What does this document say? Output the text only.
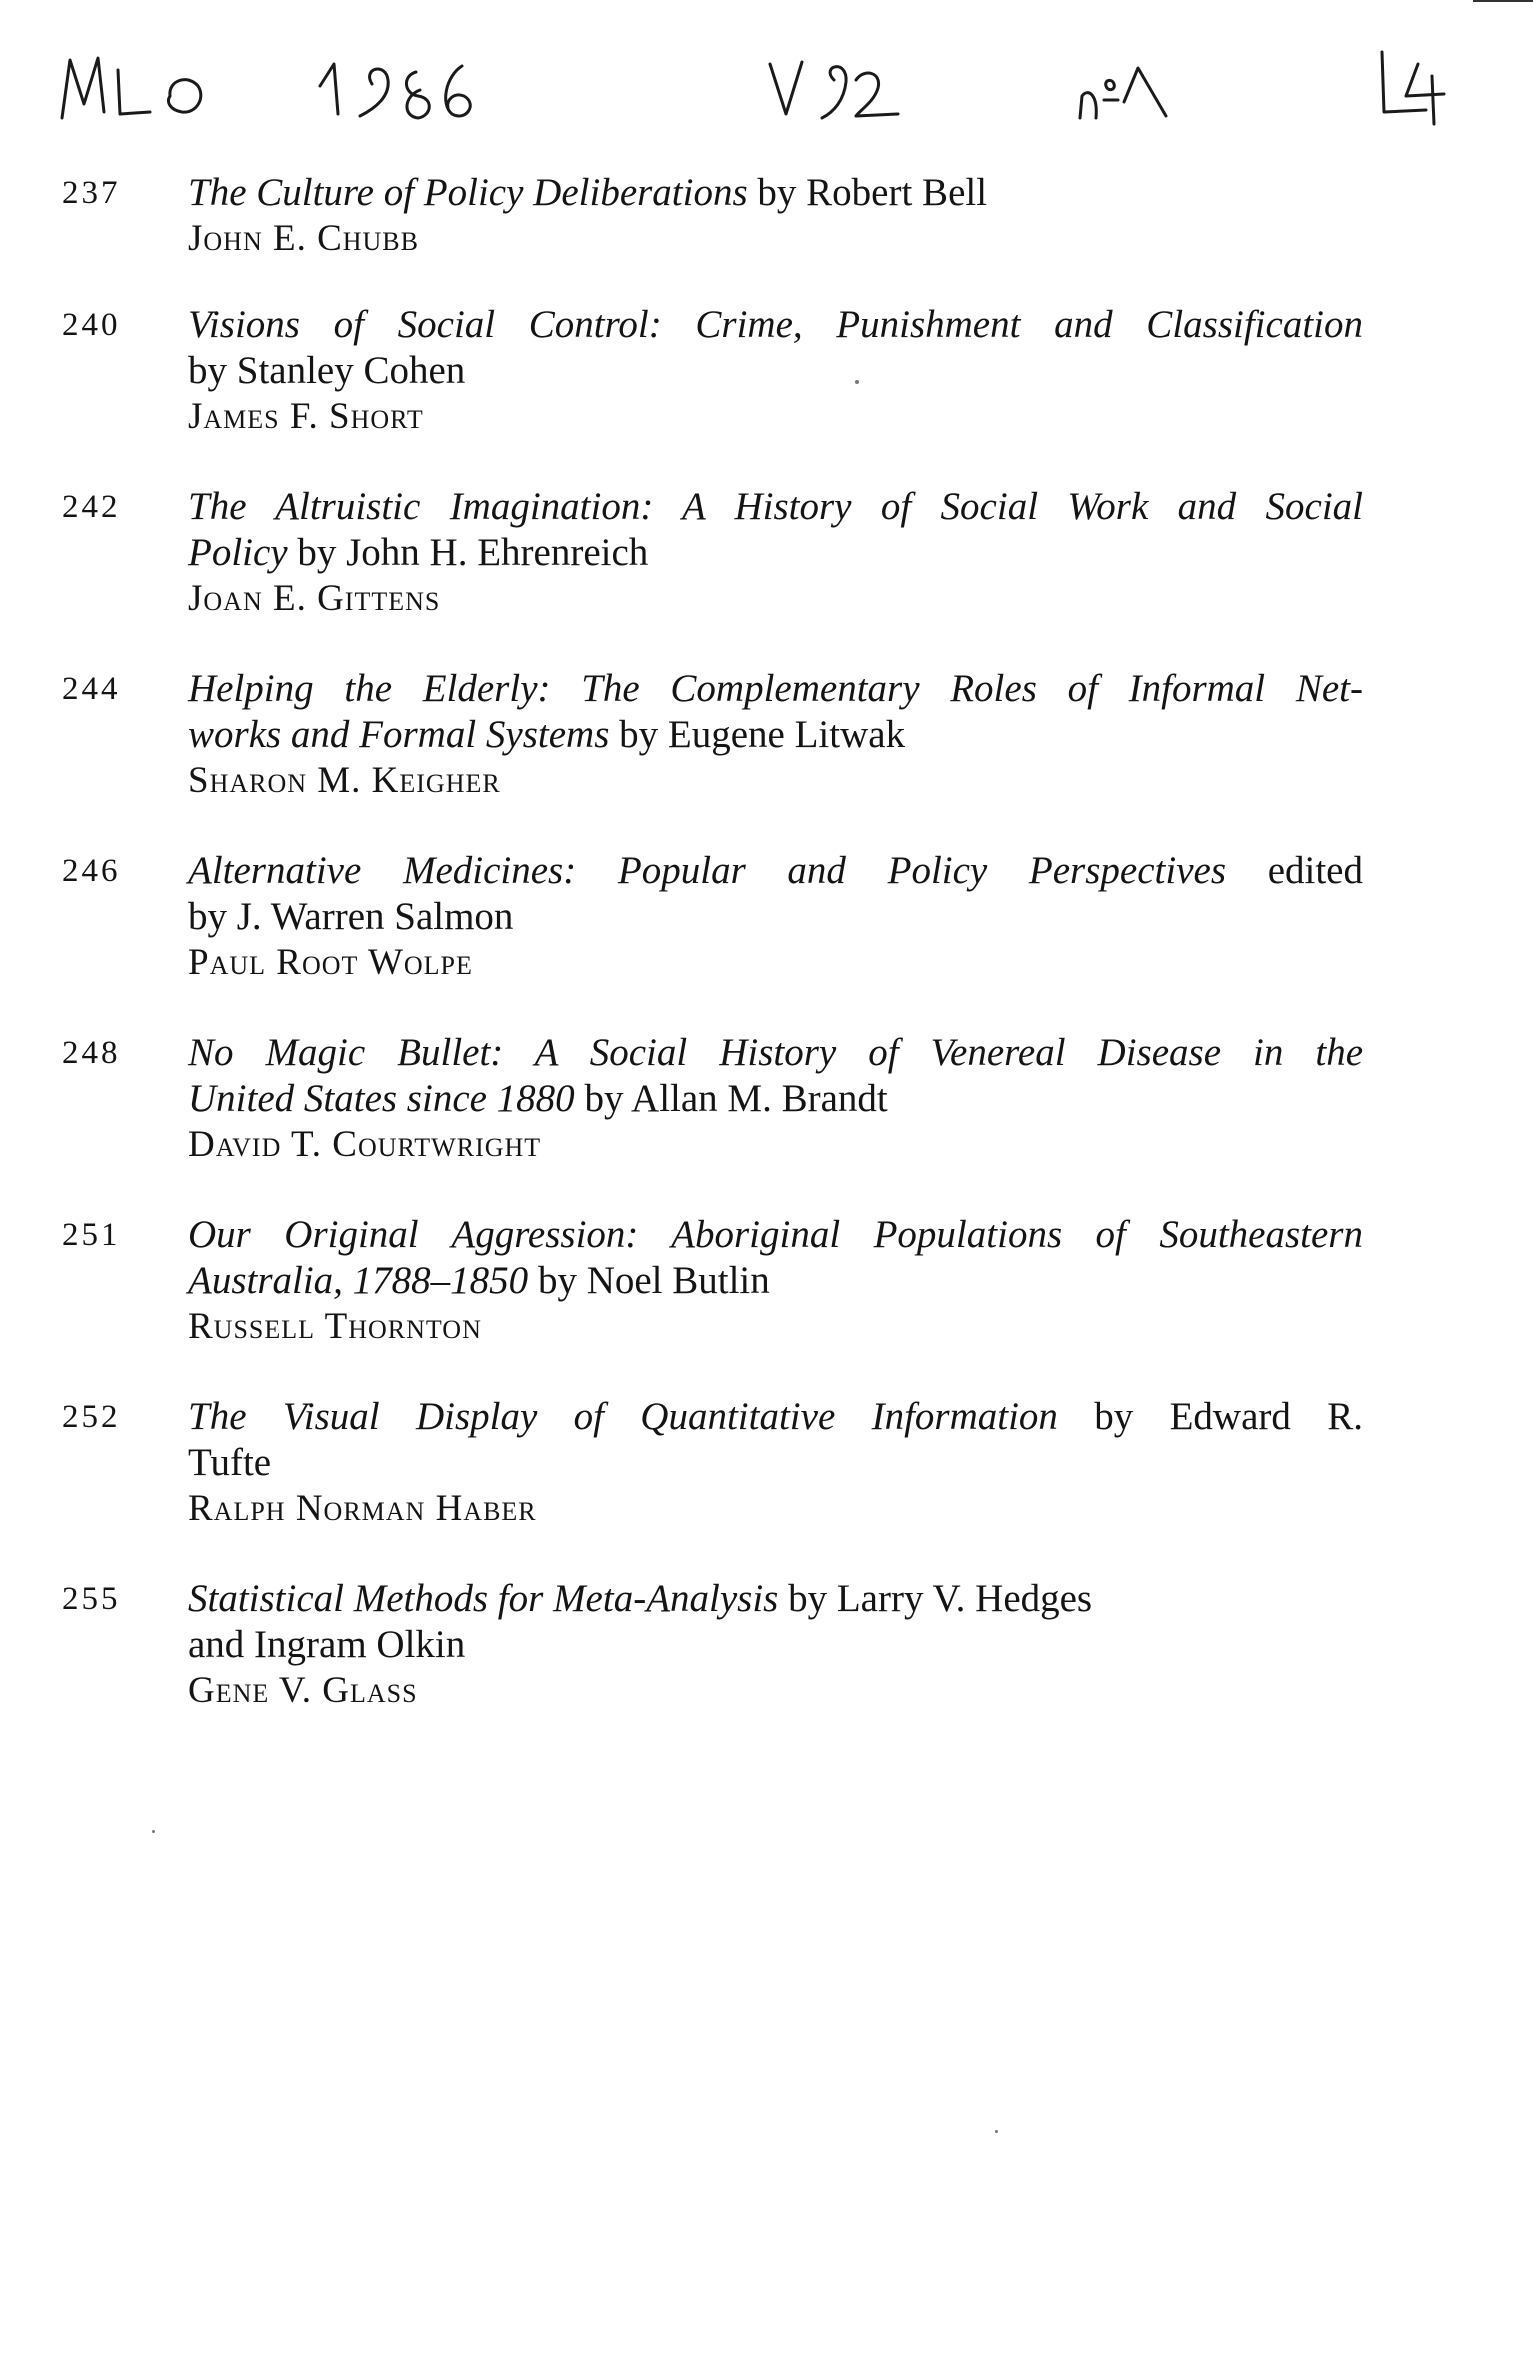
237 The Culture of Policy Deliberations by Robert Bell
John E. Chubb
240 Visions of Social Control: Crime, Punishment and Classification
by Stanley Cohen
James F. Short
242 The Altruistic Imagination: A History of Social Work and Social
Policy by John H. Ehrenreich
Joan E. Gittens
244 Helping the Elderly: The Complementary Roles of Informal Net-
works and Formal Systems by Eugene Litwak
Sharon M. Keigher
246 Alternative Medicines: Popular and Policy Perspectives edited
by J. Warren Salmon
Paul Root Wolpe
248 No Magic Bullet: A Social History of Venereal Disease in the
United States since 1880 by Allan M. Brandt
David T. Courtwright
251 Our Original Aggression: Aboriginal Populations of Southeastern
Australia, 1788–1850 by Noel Butlin
Russell Thornton
252 The Visual Display of Quantitative Information by Edward R.
Tufte
Ralph Norman Haber
255 Statistical Methods for Meta-Analysis by Larry V. Hedges
and Ingram Olkin
Gene V. Glass
